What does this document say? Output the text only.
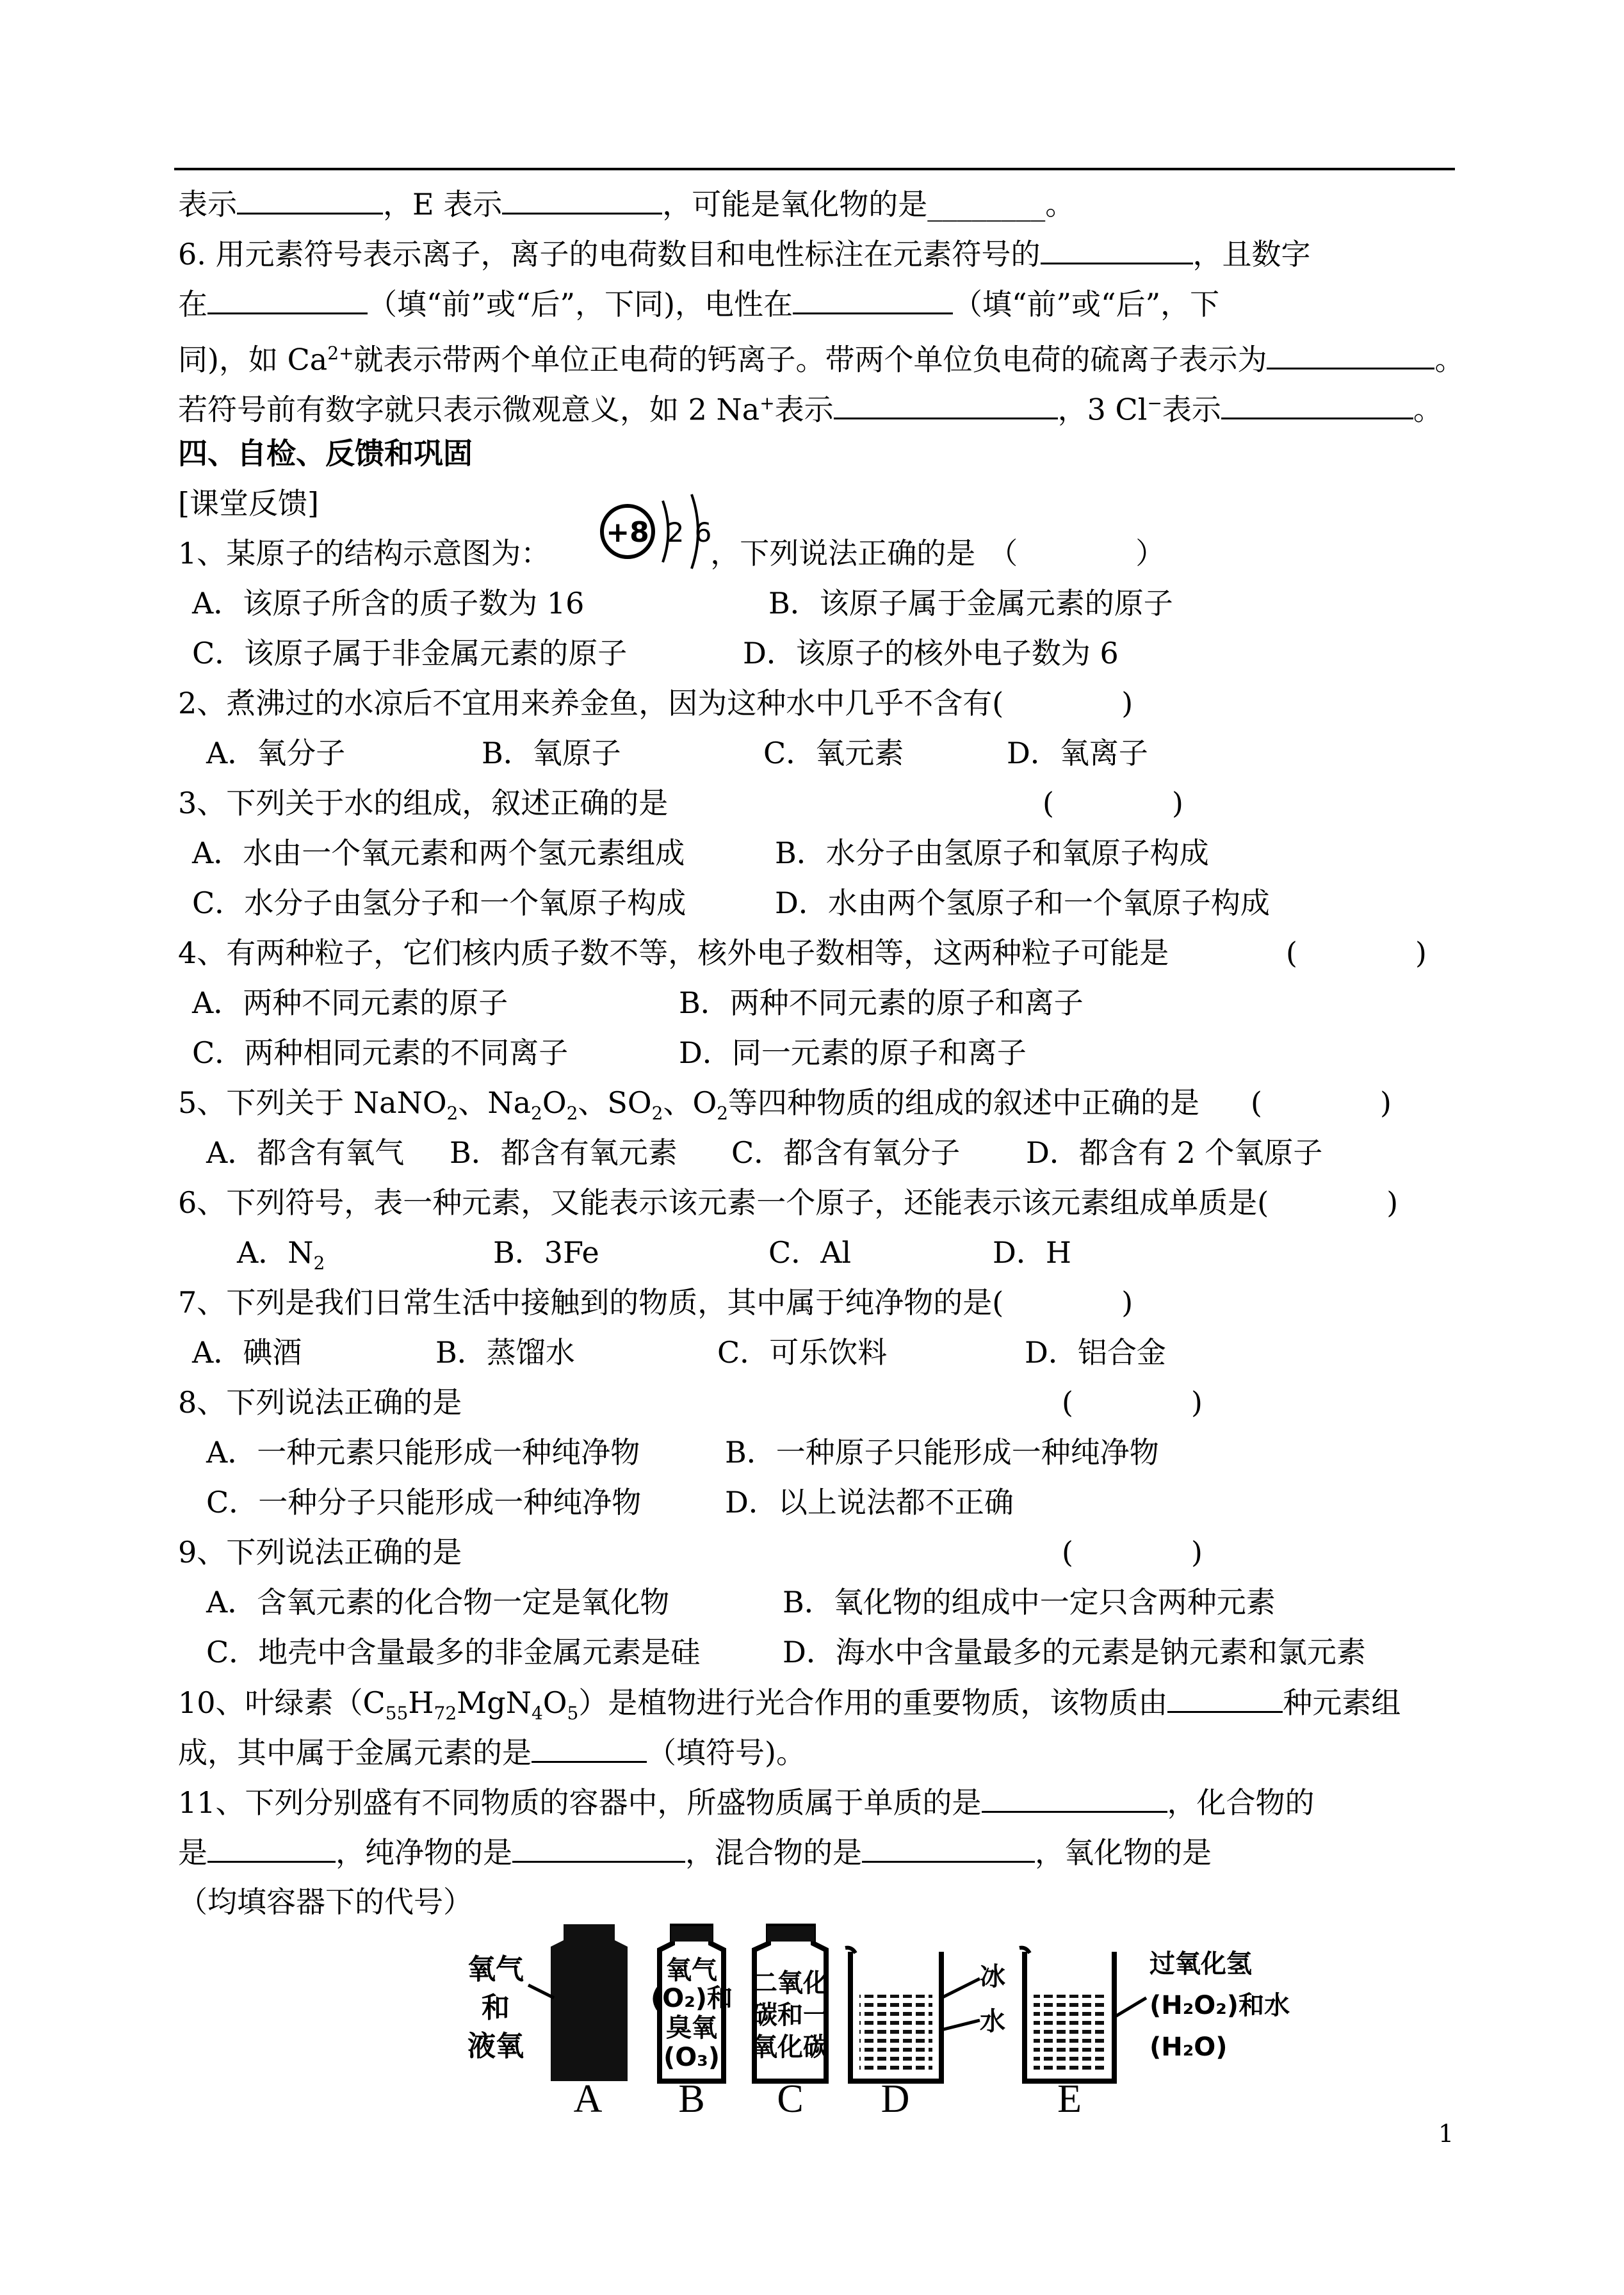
表示	，E 表示	，可能是氧化物的是________。
6. 用元素符号表示离子，离子的电荷数目和电性标注在元素符号的	，且数字
在	（填“前”或“后”，下同)，电性在	（填“前”或“后”，下
同)，如 $Ca^{2+}$就表示带两个单位正电荷的钙离子。带两个单位负电荷的硫离子表示为	。
若符号前有数字就只表示微观意义，如 2 Na+表示	，3 Cl−表示	。
四、自检、反馈和巩固
[课堂反馈]
+8 2 6
1、某原子的结构示意图为：	，下列说法正确的是 （　　　　）
A．该原子所含的质子数为 16	B．该原子属于金属元素的原子
C．该原子属于非金属元素的原子	D．该原子的核外电子数为 6
2、煮沸过的水凉后不宜用来养金鱼，因为这种水中几乎不含有(　　　　)
A．氧分子	B．氧原子	C．氧元素	D．氧离子
3、下列关于水的组成，叙述正确的是	(　　　　)
A．水由一个氧元素和两个氢元素组成	B．水分子由氢原子和氧原子构成
C．水分子由氢分子和一个氧原子构成	D．水由两个氢原子和一个氧原子构成
4、有两种粒子，它们核内质子数不等，核外电子数相等，这两种粒子可能是	(　　　　)
A．两种不同元素的原子	B．两种不同元素的原子和离子
C．两种相同元素的不同离子	D．同一元素的原子和离子
5、下列关于 NaNO$_2$、$Na_2O_2$、$SO_2$、$O_2$等四种物质的组成的叙述中正确的是 (　　　　)
A．都含有氧气 B．都含有氧元素 C．都含有氧分子 D．都含有 2 个氧原子
6、下列符号，表一种元素，又能表示该元素一个原子，还能表示该元素组成单质是(　　　　)
A．$N_2$	B．3Fe	C．Al	D．H
7、下列是我们日常生活中接触到的物质，其中属于纯净物的是(　　　　)
A．碘酒	B．蒸馏水	C．可乐饮料	D．铝合金
8、下列说法正确的是	(　　　　)
A．一种元素只能形成一种纯净物	B．一种原子只能形成一种纯净物
C．一种分子只能形成一种纯净物	D．以上说法都不正确
9、下列说法正确的是	(　　　　)
A．含氧元素的化合物一定是氧化物	B．氧化物的组成中一定只含两种元素
C．地壳中含量最多的非金属元素是硅	D．海水中含量最多的元素是钠元素和氯元素
10、叶绿素$(C_{55}H_{72}MgN_4O_5)$是植物进行光合作用的重要物质，该物质由	种元素组
成，其中属于金属元素的是	（填符号)。
11、下列分别盛有不同物质的容器中，所盛物质属于单质的是	，化合物的
是	，纯净物的是	，混合物的是	，氧化物的是
（均填容器下的代号）
氧气
和
液氧
氧气
(O₂)和
臭氧
(O₃)
二氧化
碳和一
氧化碳
冰
水
过氧化氢
(H₂O₂)和水
(H₂O)
A B C D	E
1
